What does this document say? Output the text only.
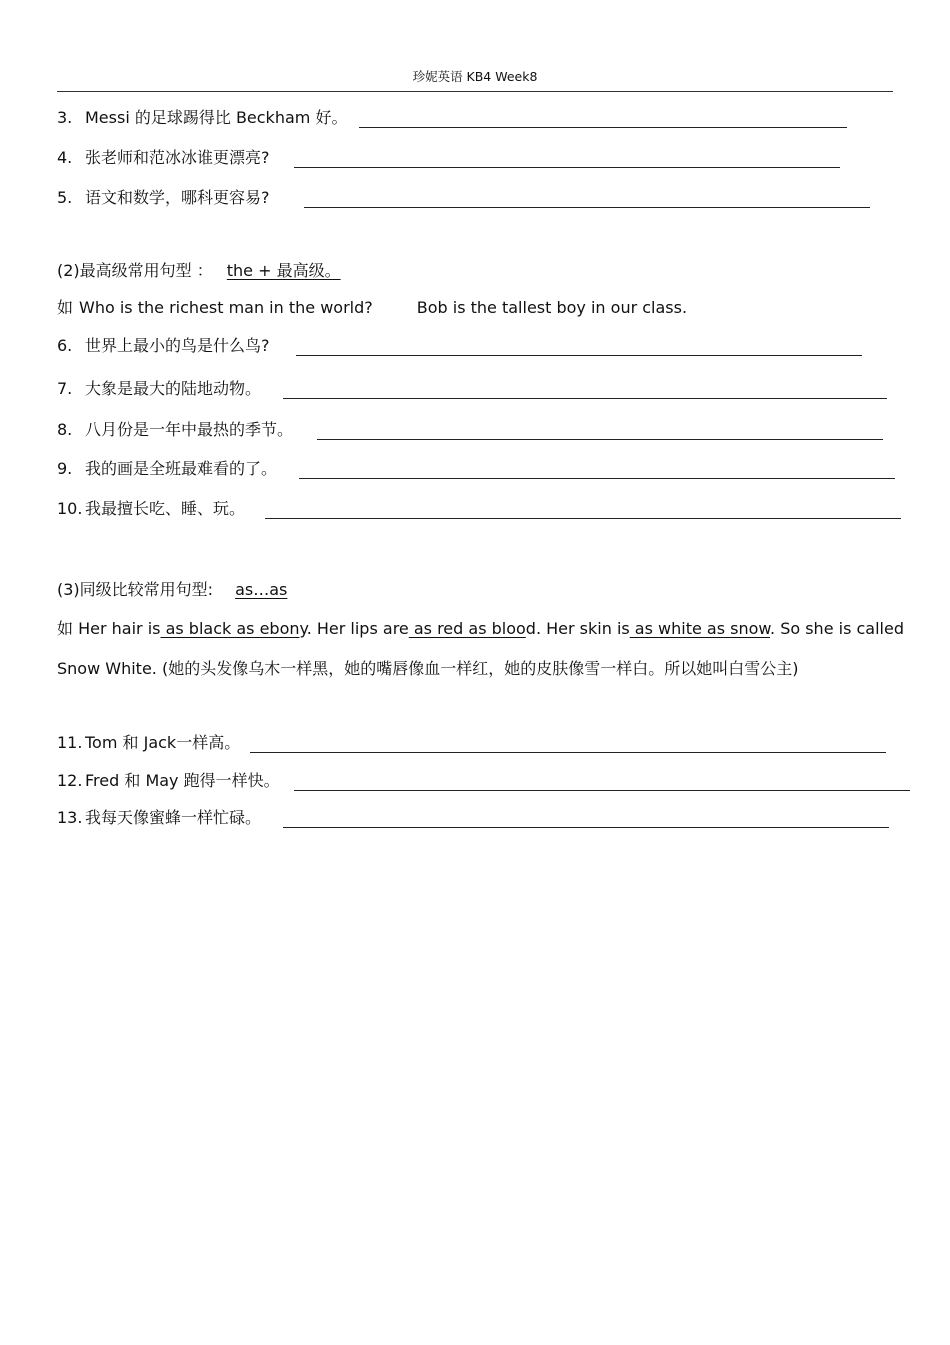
珍妮英语 KB4 Week8
3. Messi 的足球踢得比 Beckham 好。
4. 张老师和范冰冰谁更漂亮?
5. 语文和数学，哪科更容易?
(2)最高级常用句型 ： the + 最高级。
如 Who is the richest man in the world?	Bob is the tallest boy in our class.
6. 世界上最小的鸟是什么鸟?
7. 大象是最大的陆地动物。
8. 八月份是一年中最热的季节。
9. 我的画是全班最难看的了。
10. 我最擅长吃、睡、玩。
(3)同级比较常用句型: as…as
如 Her hair is as black as ebony. Her lips are as red as blood. Her skin is as white as snow. So she is called Snow White. (她的头发像乌木一样黑，她的嘴唇像血一样红，她的皮肤像雪一样白。所以她叫白雪公主)
11. Tom 和 Jack一样高。
12. Fred 和 May 跑得一样快。
13. 我每天像蜜蜂一样忙碌。
